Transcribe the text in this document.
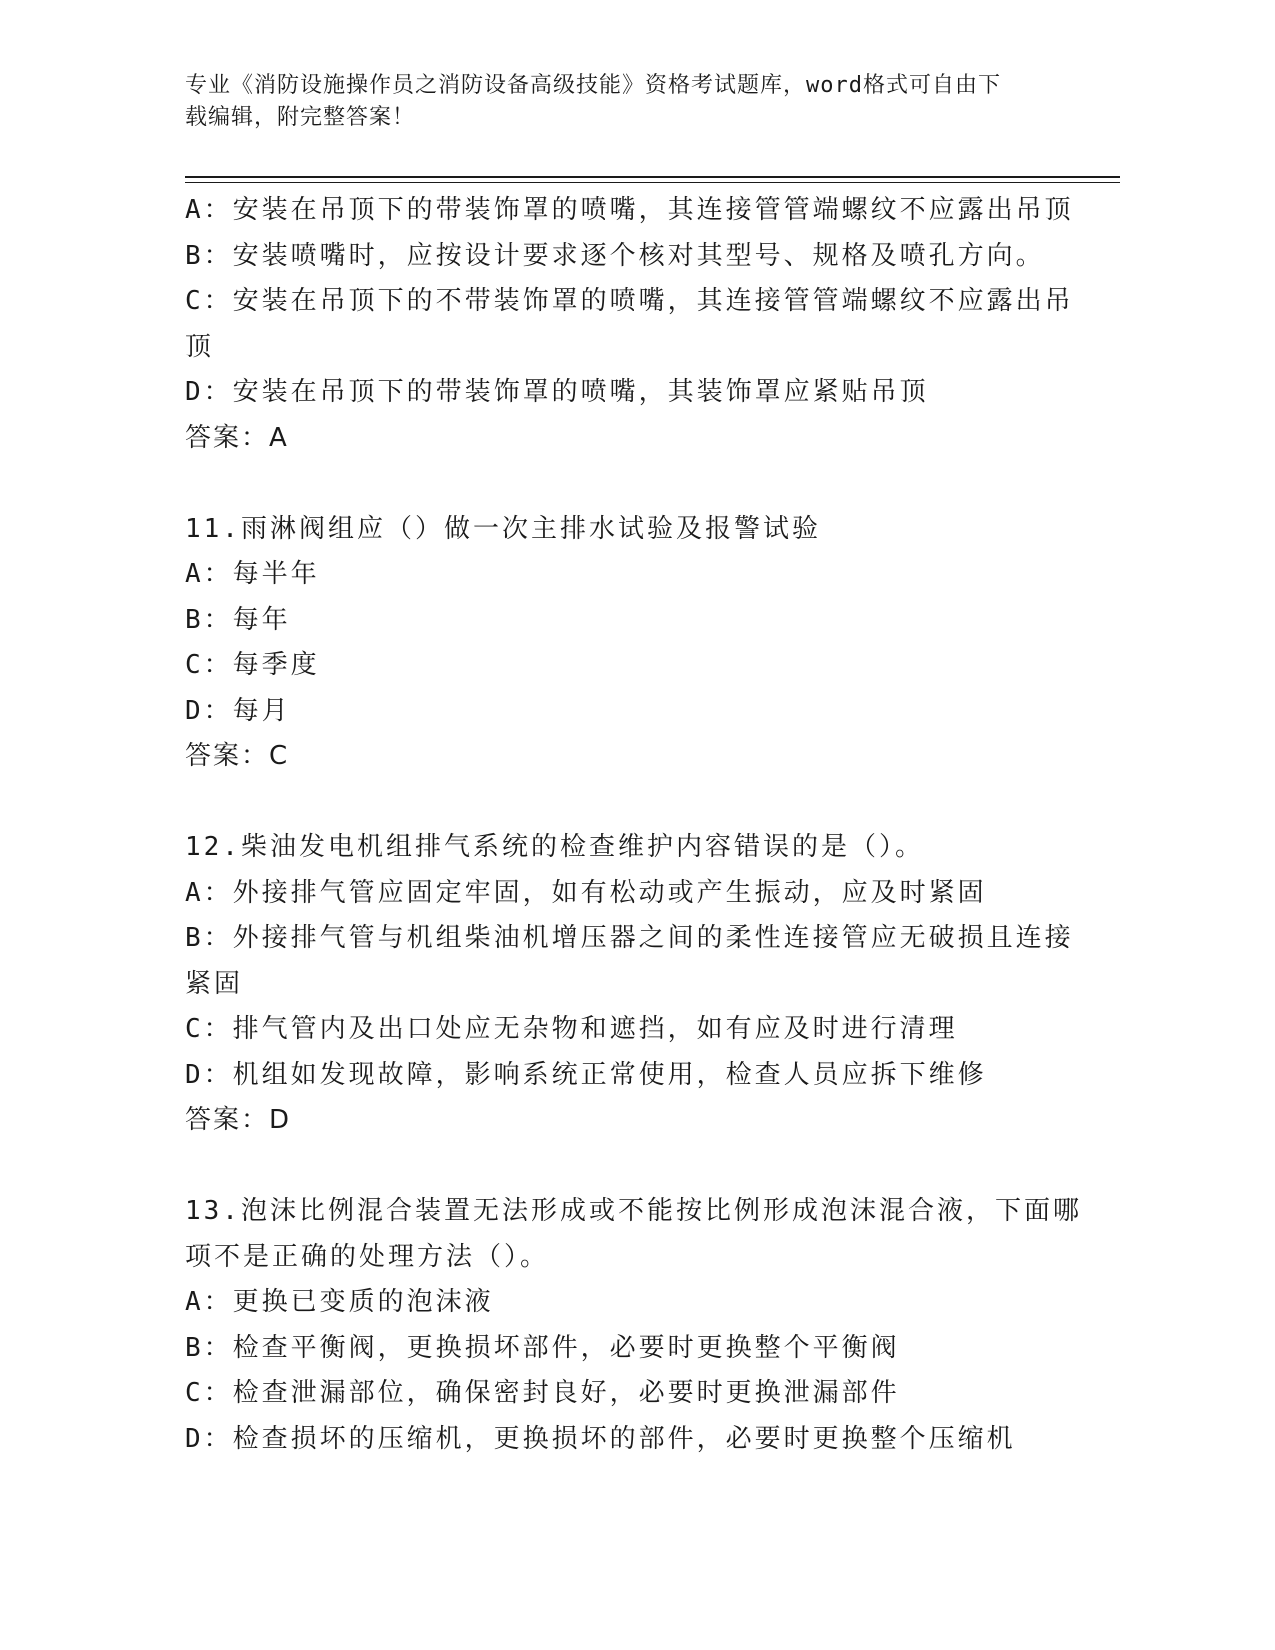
专业《消防设施操作员之消防设备高级技能》资格考试题库，word格式可自由下
载编辑，附完整答案！
A：安装在吊顶下的带装饰罩的喷嘴，其连接管管端螺纹不应露出吊顶
B：安装喷嘴时，应按设计要求逐个核对其型号、规格及喷孔方向。
C：安装在吊顶下的不带装饰罩的喷嘴，其连接管管端螺纹不应露出吊
顶
D：安装在吊顶下的带装饰罩的喷嘴，其装饰罩应紧贴吊顶
答案：A
11.雨淋阀组应（）做一次主排水试验及报警试验
A：每半年
B：每年
C：每季度
D：每月
答案：C
12.柴油发电机组排气系统的检查维护内容错误的是（）。
A：外接排气管应固定牢固，如有松动或产生振动，应及时紧固
B：外接排气管与机组柴油机增压器之间的柔性连接管应无破损且连接
紧固
C：排气管内及出口处应无杂物和遮挡，如有应及时进行清理
D：机组如发现故障，影响系统正常使用，检查人员应拆下维修
答案：D
13.泡沫比例混合装置无法形成或不能按比例形成泡沫混合液，下面哪
项不是正确的处理方法（）。
A：更换已变质的泡沫液
B：检查平衡阀，更换损坏部件，必要时更换整个平衡阀
C：检查泄漏部位，确保密封良好，必要时更换泄漏部件
D：检查损坏的压缩机，更换损坏的部件，必要时更换整个压缩机
